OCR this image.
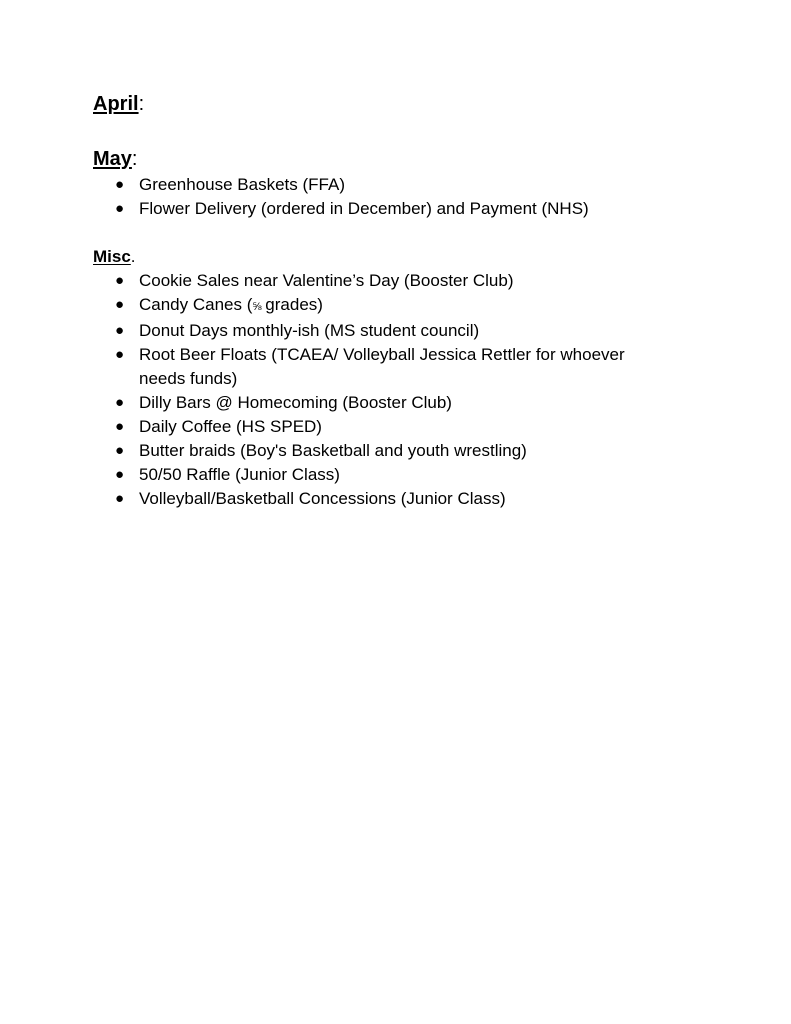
April:

May:

● Greenhouse Baskets (FFA)
● Flower Delivery (ordered in December) and Payment (NHS)

Misc.

● Cookie Sales near Valentine’s Day (Booster Club)
● Candy Canes (⅝ grades)
● Donut Days monthly-ish (MS student council)
● Root Beer Floats (TCAEA/ Volleyball Jessica Rettler for whoever needs funds)
● Dilly Bars @ Homecoming (Booster Club)
● Daily Coffee (HS SPED)
● Butter braids (Boy's Basketball and youth wrestling)
● 50/50 Raffle (Junior Class)
● Volleyball/Basketball Concessions (Junior Class)
